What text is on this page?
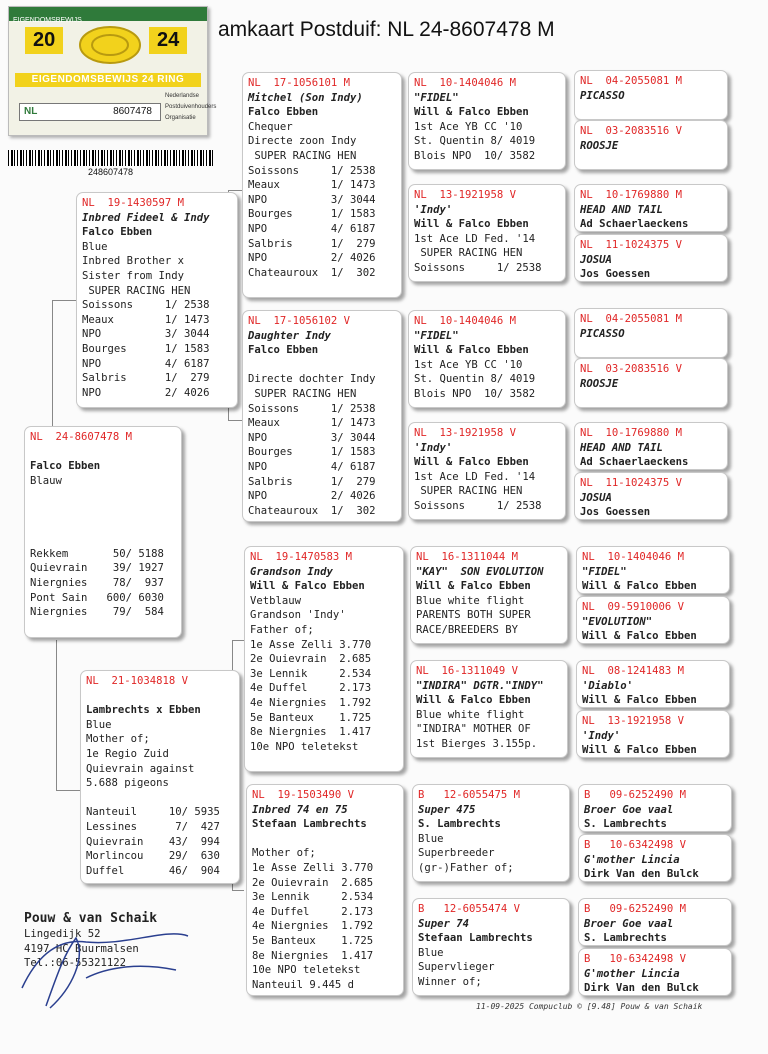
amkaart Postduif: NL 24-8607478 M
EIGENDOMSBEWIJS
20	24
EIGENDOMSBEWIJS 24 RING
NL	8607478
Nederlandse
Postduivenhouders
Organisatie
248607478
NL  24-8607478 M

Falco Ebben
Blauw

Rekkem       50/ 5188
Quievrain    39/ 1927
Niergnies    78/  937
Pont Sain   600/ 6030
Niergnies    79/  584
NL  19-1430597 M
Inbred Fideel & Indy
Falco Ebben
Blue
Inbred Brother x
Sister from Indy
SUPER RACING HEN
Soissons     1/ 2538
Meaux        1/ 1473
NPO          3/ 3044
Bourges      1/ 1583
NPO          4/ 6187
Salbris      1/  279
NPO          2/ 4026
NL  21-1034818 V

Lambrechts x Ebben
Blue
Mother of;
1e Regio Zuid
Quievrain against
5.688 pigeons

Nanteuil     10/ 5935
Lessines      7/  427
Quievrain    43/  994
Morlincou    29/  630
Duffel       46/  904
NL  17-1056101 M
Mitchel (Son Indy)
Falco Ebben
Chequer
Directe zoon Indy
SUPER RACING HEN
Soissons     1/ 2538
Meaux        1/ 1473
NPO          3/ 3044
Bourges      1/ 1583
NPO          4/ 6187
Salbris      1/  279
NPO          2/ 4026
Chateauroux  1/  302
NL  17-1056102 V
Daughter Indy
Falco Ebben

Directe dochter Indy
SUPER RACING HEN
Soissons     1/ 2538
Meaux        1/ 1473
NPO          3/ 3044
Bourges      1/ 1583
NPO          4/ 6187
Salbris      1/  279
NPO          2/ 4026
Chateauroux  1/  302
NL  19-1470583 M
Grandson Indy
Will & Falco Ebben
Vetblauw
Grandson 'Indy'
Father of;
1e Asse Zelli 3.770
2e Ouievrain  2.685
3e Lennik     2.534
4e Duffel     2.173
4e Niergnies  1.792
5e Banteux    1.725
8e Niergnies  1.417
10e NPO teletekst
NL  19-1503490 V
Inbred 74 en 75
Stefaan Lambrechts

Mother of;
1e Asse Zelli 3.770
2e Ouievrain  2.685
3e Lennik     2.534
4e Duffel     2.173
4e Niergnies  1.792
5e Banteux    1.725
8e Niergnies  1.417
10e NPO teletekst
Nanteuil 9.445 d
NL  10-1404046 M
"FIDEL"
Will & Falco Ebben
1st Ace YB CC '10
St. Quentin 8/ 4019
Blois NPO  10/ 3582
NL  13-1921958 V
'Indy'
Will & Falco Ebben
1st Ace LD Fed. '14
SUPER RACING HEN
Soissons     1/ 2538
NL  10-1404046 M
"FIDEL"
Will & Falco Ebben
1st Ace YB CC '10
St. Quentin 8/ 4019
Blois NPO  10/ 3582
NL  13-1921958 V
'Indy'
Will & Falco Ebben
1st Ace LD Fed. '14
SUPER RACING HEN
Soissons     1/ 2538
NL  16-1311044 M
"KAY"  SON EVOLUTION
Will & Falco Ebben
Blue white flight
PARENTS BOTH SUPER
RACE/BREEDERS BY
NL  16-1311049 V
"INDIRA" DGTR."INDY"
Will & Falco Ebben
Blue white flight
"INDIRA" MOTHER OF
1st Bierges 3.155p.
B   12-6055475 M
Super 475
S. Lambrechts
Blue
Superbreeder
(gr-)Father of;
B   12-6055474 V
Super 74
Stefaan Lambrechts
Blue
Supervlieger
Winner of;
NL  04-2055081 M
PICASSO
NL  03-2083516 V
ROOSJE
NL  10-1769880 M
HEAD AND TAIL
Ad Schaerlaeckens
NL  11-1024375 V
JOSUA
Jos Goessen
NL  04-2055081 M
PICASSO
NL  03-2083516 V
ROOSJE
NL  10-1769880 M
HEAD AND TAIL
Ad Schaerlaeckens
NL  11-1024375 V
JOSUA
Jos Goessen
NL  10-1404046 M
"FIDEL"
Will & Falco Ebben
NL  09-5910006 V
"EVOLUTION"
Will & Falco Ebben
NL  08-1241483 M
'Diablo'
Will & Falco Ebben
NL  13-1921958 V
'Indy'
Will & Falco Ebben
B   09-6252490 M
Broer Goe vaal
S. Lambrechts
B   10-6342498 V
G'mother Lincia
Dirk Van den Bulck
B   09-6252490 M
Broer Goe vaal
S. Lambrechts
B   10-6342498 V
G'mother Lincia
Dirk Van den Bulck
Pouw & van Schaik
Lingedijk 52
4197 HC Buurmalsen
Tel.:06-55321122
11-09-2025 Compuclub © [9.48] Pouw & van Schaik
